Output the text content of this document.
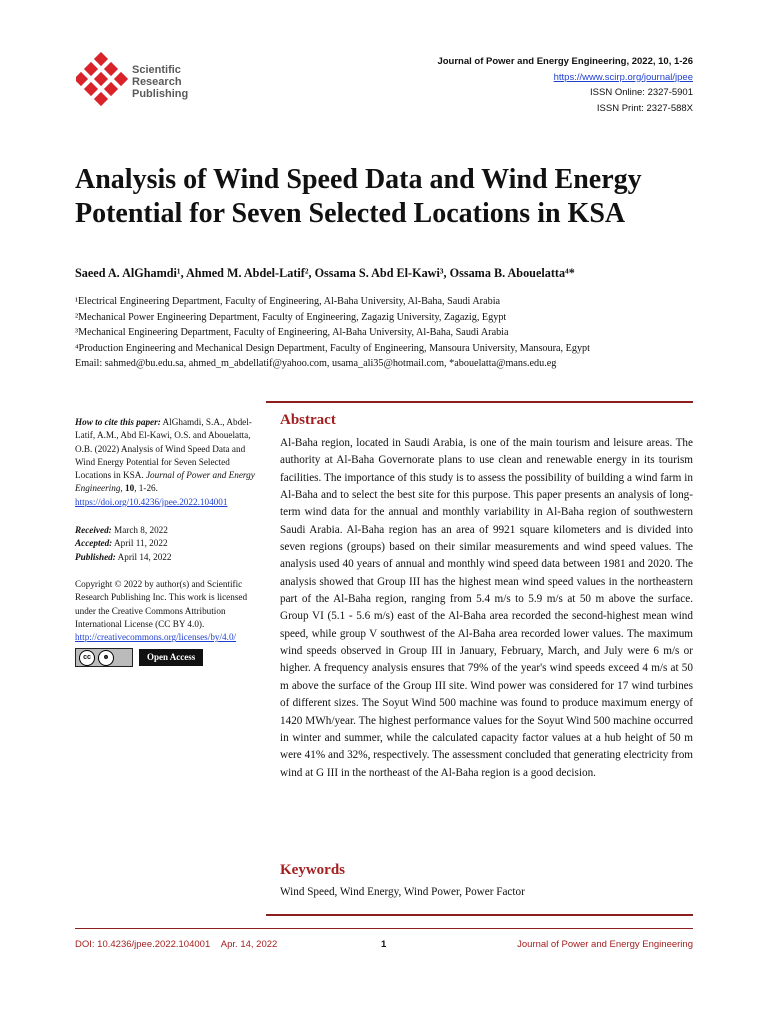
Scientific
Research
Publishing
Journal of Power and Energy Engineering, 2022, 10, 1-26
https://www.scirp.org/journal/jpee
ISSN Online: 2327-5901
ISSN Print: 2327-588X
Analysis of Wind Speed Data and Wind Energy Potential for Seven Selected Locations in KSA
Saeed A. AlGhamdi¹, Ahmed M. Abdel-Latif², Ossama S. Abd El-Kawi³, Ossama B. Abouelatta⁴*
¹Electrical Engineering Department, Faculty of Engineering, Al-Baha University, Al-Baha, Saudi Arabia
²Mechanical Power Engineering Department, Faculty of Engineering, Zagazig University, Zagazig, Egypt
³Mechanical Engineering Department, Faculty of Engineering, Al-Baha University, Al-Baha, Saudi Arabia
⁴Production Engineering and Mechanical Design Department, Faculty of Engineering, Mansoura University, Mansoura, Egypt
Email: sahmed@bu.edu.sa, ahmed_m_abdellatif@yahoo.com, usama_ali35@hotmail.com, *abouelatta@mans.edu.eg

How to cite this paper: AlGhamdi, S.A., Abdel-Latif, A.M., Abd El-Kawi, O.S. and Abouelatta, O.B. (2022) Analysis of Wind Speed Data and Wind Energy Potential for Seven Selected Locations in KSA. Journal of Power and Energy Engineering, 10, 1-26.
https://doi.org/10.4236/jpee.2022.104001

Received: March 8, 2022

Accepted: April 11, 2022

Published: April 14, 2022

Copyright © 2022 by author(s) and Scientific Research Publishing Inc. This work is licensed under the Creative Commons Attribution International License (CC BY 4.0).

http://creativecommons.org/licenses/by/4.0/

cc	☻	Open Access
Abstract
Al-Baha region, located in Saudi Arabia, is one of the main tourism and leisure areas. The authority at Al-Baha Governorate plans to use clean and renewable energy in its tourism facilities. The importance of this study is to assess the possibility of building a wind farm in Al-Baha and to select the best site for this purpose. This paper presents an analysis of long-term wind data for the annual and monthly variability in Al-Baha region of southwestern Saudi Arabia. Al-Baha region has an area of 9921 square kilometers and is divided into seven regions (groups) based on their similar measurements and wind speed values. The analysis used 40 years of annual and monthly wind speed data between 1981 and 2020. The analysis showed that Group III has the highest mean wind speed values in the northeastern part of the Al-Baha region, ranging from 5.4 m/s to 5.9 m/s at 50 m above the surface. Group VI (5.1 - 5.6 m/s) east of the Al-Baha area recorded the second-highest mean wind speed, while group V southwest of the Al-Baha area recorded lower values. The maximum wind speeds observed in Group III in January, February, March, and July were 6 m/s or higher. A frequency analysis ensures that 79% of the year's wind speeds exceed 4 m/s at 50 m above the surface of the Group III site. Wind power was considered for 17 wind turbines of different sizes. The Soyut Wind 500 machine was found to produce maximum energy of 1420 MWh/year. The highest performance values for the Soyut Wind 500 machine occurred in winter and summer, while the calculated capacity factor values at a hub height of 50 m were 41% and 32%, respectively. The assessment concluded that generating electricity from wind at G III in the northeast of the Al-Baha region is a good decision.
Keywords
Wind Speed, Wind Energy, Wind Power, Power Factor
DOI: 10.4236/jpee.2022.104001 Apr. 14, 2022	1	Journal of Power and Energy Engineering
